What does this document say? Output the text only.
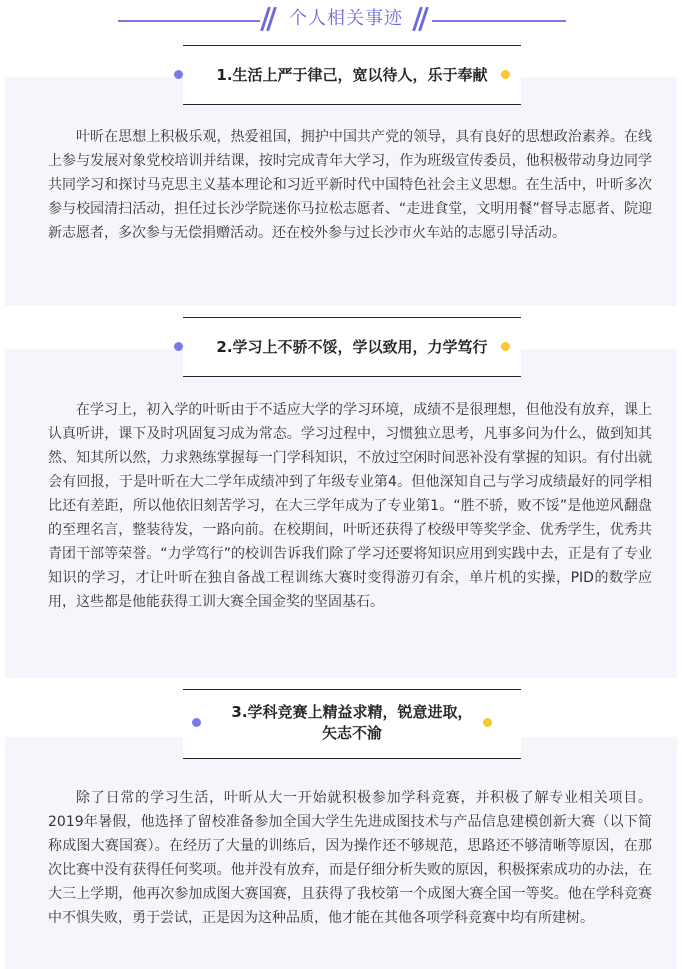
个人相关事迹
1.生活上严于律己，宽以待人，乐于奉献

叶昕在思想上积极乐观，热爱祖国，拥护中国共产党的领导，具有良好的思想政治素养。在线上参与发展对象党校培训并结课，按时完成青年大学习，作为班级宣传委员，他积极带动身边同学共同学习和探讨马克思主义基本理论和习近平新时代中国特色社会主义思想。在生活中，叶昕多次参与校园清扫活动，担任过长沙学院迷你马拉松志愿者、“走进食堂，文明用餐”督导志愿者、院迎新志愿者，多次参与无偿捐赠活动。还在校外参与过长沙市火车站的志愿引导活动。

2.学习上不骄不馁，学以致用，力学笃行

在学习上，初入学的叶昕由于不适应大学的学习环境，成绩不是很理想，但他没有放弃，课上认真听讲，课下及时巩固复习成为常态。学习过程中，习惯独立思考，凡事多问为什么，做到知其然、知其所以然，力求熟练掌握每一门学科知识，不放过空闲时间恶补没有掌握的知识。有付出就会有回报，于是叶昕在大二学年成绩冲到了年级专业第4。但他深知自己与学习成绩最好的同学相比还有差距，所以他依旧刻苦学习，在大三学年成为了专业第1。“胜不骄，败不馁”是他逆风翻盘的至理名言，整装待发，一路向前。在校期间，叶昕还获得了校级甲等奖学金、优秀学生，优秀共青团干部等荣誉。“力学笃行”的校训告诉我们除了学习还要将知识应用到实践中去，正是有了专业知识的学习，才让叶昕在独自备战工程训练大赛时变得游刃有余，单片机的实操，PID的数学应用，这些都是他能获得工训大赛全国金奖的坚固基石。

3.学科竞赛上精益求精，锐意进取，
矢志不渝

除了日常的学习生活，叶昕从大一开始就积极参加学科竞赛，并积极了解专业相关项目。2019年暑假，他选择了留校准备参加全国大学生先进成图技术与产品信息建模创新大赛（以下简称成图大赛国赛）。在经历了大量的训练后，因为操作还不够规范，思路还不够清晰等原因，在那次比赛中没有获得任何奖项。他并没有放弃，而是仔细分析失败的原因，积极探索成功的办法，在大三上学期，他再次参加成图大赛国赛，且获得了我校第一个成图大赛全国一等奖。他在学科竞赛中不惧失败，勇于尝试，正是因为这种品质，他才能在其他各项学科竞赛中均有所建树。
